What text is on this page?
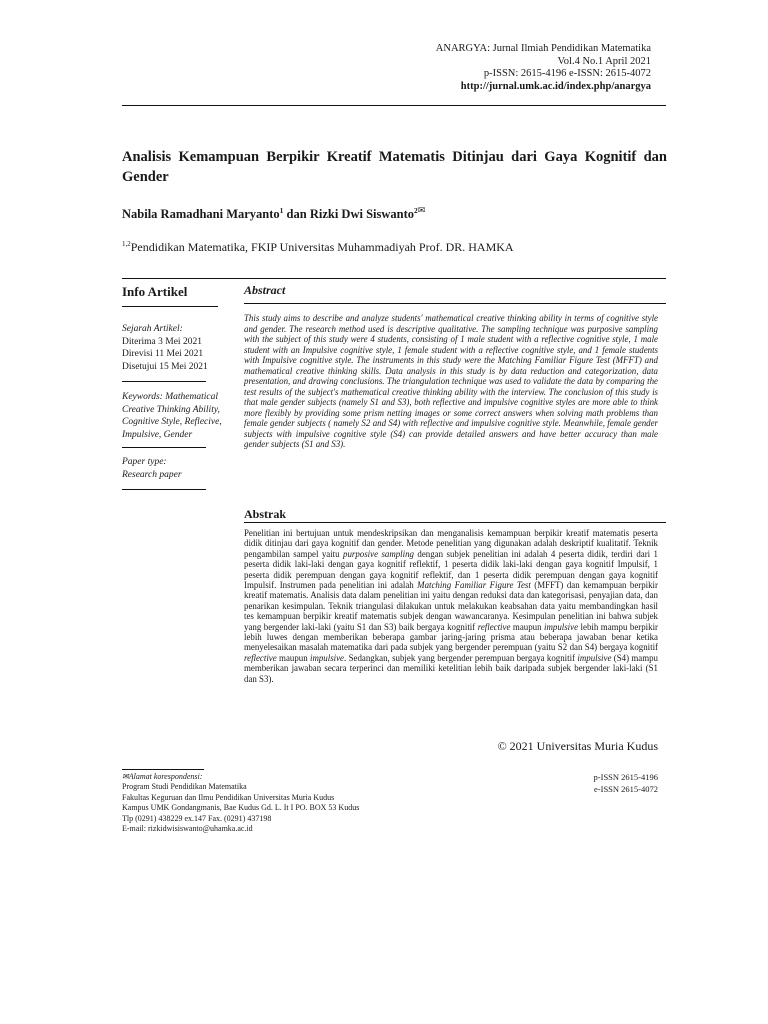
ANARGYA: Jurnal Ilmiah Pendidikan Matematika
Vol.4 No.1 April 2021
p-ISSN: 2615-4196 e-ISSN: 2615-4072
http://jurnal.umk.ac.id/index.php/anargya
Analisis Kemampuan Berpikir Kreatif Matematis Ditinjau dari Gaya Kognitif dan Gender
Nabila Ramadhani Maryanto$^1$ dan Rizki Dwi Siswanto$^{2✉}$
$^{1,2}$Pendidikan Matematika, FKIP Universitas Muhammadiyah Prof. DR. HAMKA
Info Artikel	Abstract
Sejarah Artikel:
Diterima 3 Mei 2021
Direvisi 11 Mei 2021
Disetujui 15 Mei 2021
Keywords: Mathematical Creative Thinking Ability, Cognitive Style, Reflecive, Impulsive, Gender
Paper type:
Research paper
This study aims to describe and analyze students' mathematical creative thinking ability in terms of cognitive style and gender. The research method used is descriptive qualitative. The sampling technique was purposive sampling with the subject of this study were 4 students, consisting of 1 male student with a reflective cognitive style, 1 male student with an Impulsive cognitive style, 1 female student with a reflective cognitive style, and 1 female students with Impulsive cognitive style. The instruments in this study were the Matching Familiar Figure Test (MFFT) and mathematical creative thinking skills. Data analysis in this study is by data reduction and categorization, data presentation, and drawing conclusions. The triangulation technique was used to validate the data by comparing the test results of the subject's mathematical creative thinking ability with the interview. The conclusion of this study is that male gender subjects (namely S1 and S3), both reflective and impulsive cognitive styles are more able to think more flexibly by providing some prism netting images or some correct answers when solving math problems than female gender subjects ( namely S2 and S4) with reflective and impulsive cognitive style. Meanwhile, female gender subjects with impulsive cognitive style (S4) can provide detailed answers and have better accuracy than male gender subjects (S1 and S3).
Abstrak
Penelitian ini bertujuan untuk mendeskripsikan dan menganalisis kemampuan berpikir kreatif matematis peserta didik ditinjau dari gaya kognitif dan gender. Metode penelitian yang digunakan adalah deskriptif kualitatif. Teknik pengambilan sampel yaitu purposive sampling dengan subjek penelitian ini adalah 4 peserta didik, terdiri dari 1 peserta didik laki-laki dengan gaya kognitif reflektif, 1 peserta didik laki-laki dengan gaya kognitif Impulsif, 1 peserta didik perempuan dengan gaya kognitif reflektif, dan 1 peserta didik perempuan dengan gaya kognitif Impulsif. Instrumen pada penelitian ini adalah Matching Familiar Figure Test (MFFT) dan kemampuan berpikir kreatif matematis. Analisis data dalam penelitian ini yaitu dengan reduksi data dan kategorisasi, penyajian data, dan penarikan kesimpulan. Teknik triangulasi dilakukan untuk melakukan keabsahan data yaitu membandingkan hasil tes kemampuan berpikir kreatif matematis subjek dengan wawancaranya. Kesimpulan penelitian ini bahwa subjek yang bergender laki-laki (yaitu S1 dan S3) baik bergaya kognitif reflective maupun impulsive lebih mampu berpikir lebih luwes dengan memberikan beberapa gambar jaring-jaring prisma atau beberapa jawaban benar ketika menyelesaikan masalah matematika dari pada subjek yang bergender perempuan (yaitu S2 dan S4) bergaya kognitif reflective maupun impulsive. Sedangkan, subjek yang bergender perempuan bergaya kognitif impulsive (S4) mampu memberikan jawaban secara terperinci dan memiliki ketelitian lebih baik daripada subjek bergender laki-laki (S1 dan S3).
© 2021 Universitas Muria Kudus
✉Alamat korespondensi:
Program Studi Pendidikan Matematika
Fakultas Keguruan dan Ilmu Pendidikan Universitas Muria Kudus
Kampus UMK Gondangmanis, Bae Kudus Gd. L. It I PO. BOX 53 Kudus
Tlp (0291) 438229 ex.147 Fax. (0291) 437198
E-mail: rizkidwisiswanto@uhamka.ac.id
p-ISSN 2615-4196
e-ISSN 2615-4072
